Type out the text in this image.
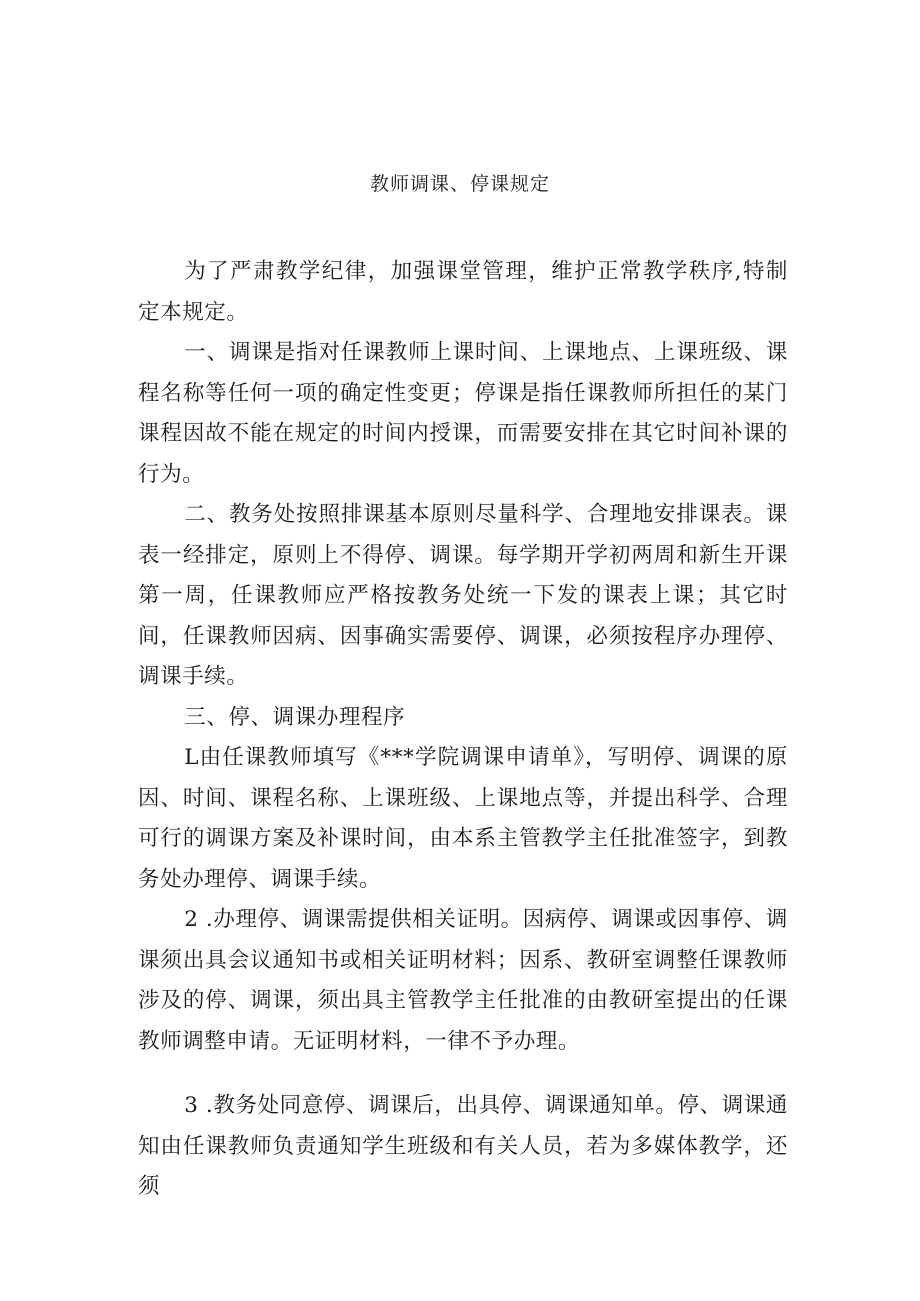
教师调课、停课规定

为了严肃教学纪律，加强课堂管理，维护正常教学秩序,特制定本规定。

一、调课是指对任课教师上课时间、上课地点、上课班级、课程名称等任何一项的确定性变更；停课是指任课教师所担任的某门课程因故不能在规定的时间内授课，而需要安排在其它时间补课的行为。

二、教务处按照排课基本原则尽量科学、合理地安排课表。课表一经排定，原则上不得停、调课。每学期开学初两周和新生开课第一周，任课教师应严格按教务处统一下发的课表上课；其它时间，任课教师因病、因事确实需要停、调课，必须按程序办理停、调课手续。

三、停、调课办理程序

L由任课教师填写《***学院调课申请单》，写明停、调课的原因、时间、课程名称、上课班级、上课地点等，并提出科学、合理可行的调课方案及补课时间，由本系主管教学主任批准签字，到教务处办理停、调课手续。

2 .办理停、调课需提供相关证明。因病停、调课或因事停、调课须出具会议通知书或相关证明材料；因系、教研室调整任课教师涉及的停、调课，须出具主管教学主任批准的由教研室提出的任课教师调整申请。无证明材料，一律不予办理。

3 .教务处同意停、调课后，出具停、调课通知单。停、调课通知由任课教师负责通知学生班级和有关人员，若为多媒体教学，还须
